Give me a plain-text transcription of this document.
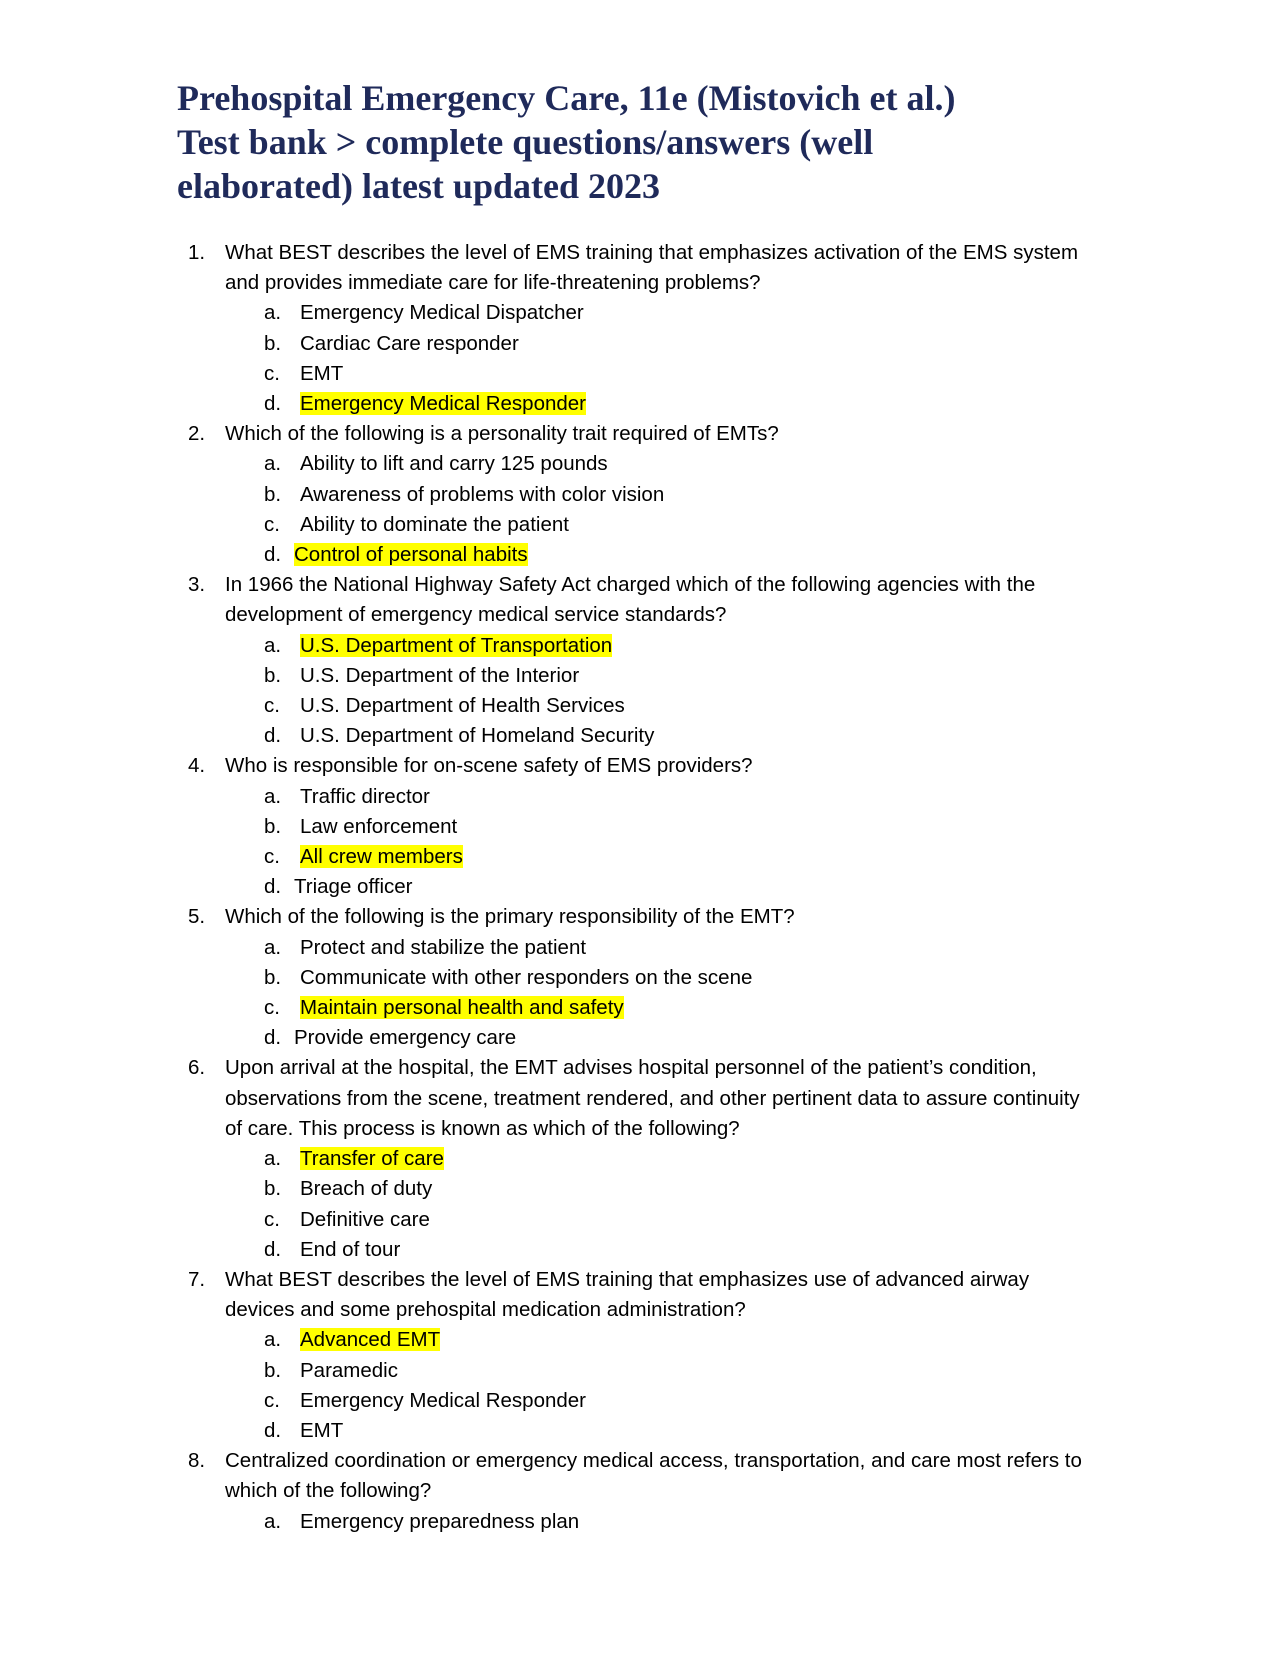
Prehospital Emergency Care, 11e (Mistovich et al.)
Test bank > complete questions/answers (well
elaborated) latest updated 2023
1. What BEST describes the level of EMS training that emphasizes activation of the EMS system and provides immediate care for life-threatening problems?
a. Emergency Medical Dispatcher
b. Cardiac Care responder
c. EMT
d. Emergency Medical Responder
2. Which of the following is a personality trait required of EMTs?
a. Ability to lift and carry 125 pounds
b. Awareness of problems with color vision
c. Ability to dominate the patient
d. Control of personal habits
3. In 1966 the National Highway Safety Act charged which of the following agencies with the development of emergency medical service standards?
a. U.S. Department of Transportation
b. U.S. Department of the Interior
c. U.S. Department of Health Services
d. U.S. Department of Homeland Security
4. Who is responsible for on-scene safety of EMS providers?
a. Traffic director
b. Law enforcement
c. All crew members
d. Triage officer
5. Which of the following is the primary responsibility of the EMT?
a. Protect and stabilize the patient
b. Communicate with other responders on the scene
c. Maintain personal health and safety
d. Provide emergency care
6. Upon arrival at the hospital, the EMT advises hospital personnel of the patient’s condition, observations from the scene, treatment rendered, and other pertinent data to assure continuity of care. This process is known as which of the following?
a. Transfer of care
b. Breach of duty
c. Definitive care
d. End of tour
7. What BEST describes the level of EMS training that emphasizes use of advanced airway devices and some prehospital medication administration?
a. Advanced EMT
b. Paramedic
c. Emergency Medical Responder
d. EMT
8. Centralized coordination or emergency medical access, transportation, and care most refers to which of the following?
a. Emergency preparedness plan
